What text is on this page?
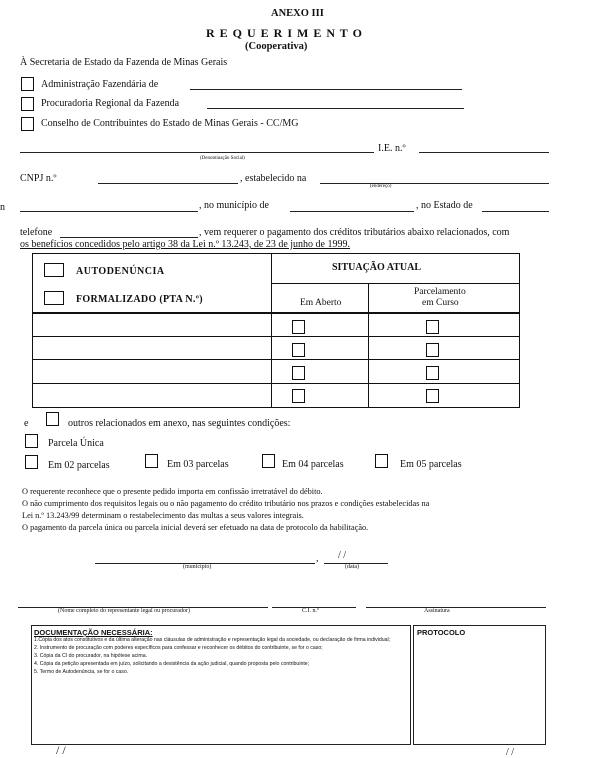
ANEXO III
R E Q U E R I M E N T O
(Cooperativa)
À Secretaria de Estado da Fazenda de Minas Gerais
Administração Fazendária de
Procuradoria Regional da Fazenda
Conselho de Contribuintes do Estado de Minas Gerais - CC/MG
I.E. n.º
(Denominação Social)
CNPJ n.º	, estabelecido na
(endereço)
n	, no município de	, no Estado de
telefone	, vem requerer o pagamento dos créditos tributários abaixo relacionados, com
os benefícios concedidos pelo artigo 38 da Lei n.º 13.243, de 23 de junho de 1999.
AUTODENÚNCIA
FORMALIZADO (PTA N.º)
SITUAÇÃO ATUAL
Em Aberto
Parcelamento
em Curso
e	outros relacionados em anexo, nas seguintes condições:
Parcela Única
Em 02 parcelas	Em 03 parcelas	Em 04 parcelas	Em 05 parcelas
O requerente reconhece que o presente pedido importa em confissão irretratável do débito.
O não cumprimento dos requisitos legais ou o não pagamento do crédito tributário nos prazos e condições estabelecidas na
Lei n.º 13.243/99 determinam o restabelecimento das multas a seus valores integrais.
O pagamento da parcela única ou parcela inicial deverá ser efetuado na data de protocolo da habilitação.
, / /
(município)	(data)
(Nome completo do representante legal ou procurador)	C.I. n.º	Assinatura
DOCUMENTAÇÃO NECESSÁRIA:
1.Cópia dos atos constitutivos e da última alteração nas cláusulas de administração e representação legal da sociedade, ou declaração de firma individual;
2. Instrumento de procuração com poderes específicos para confessar e reconhecer os débitos do contribuinte, se for o caso;
3. Cópia da CI do procurador, na hipótese acima.
4. Cópia da petição apresentada em juízo, solicitando a desistência da ação judicial, quando proposta pelo contribuinte;
5. Termo de Autodenúncia, se for o caso.
PROTOCOLO
/ /	/ /
